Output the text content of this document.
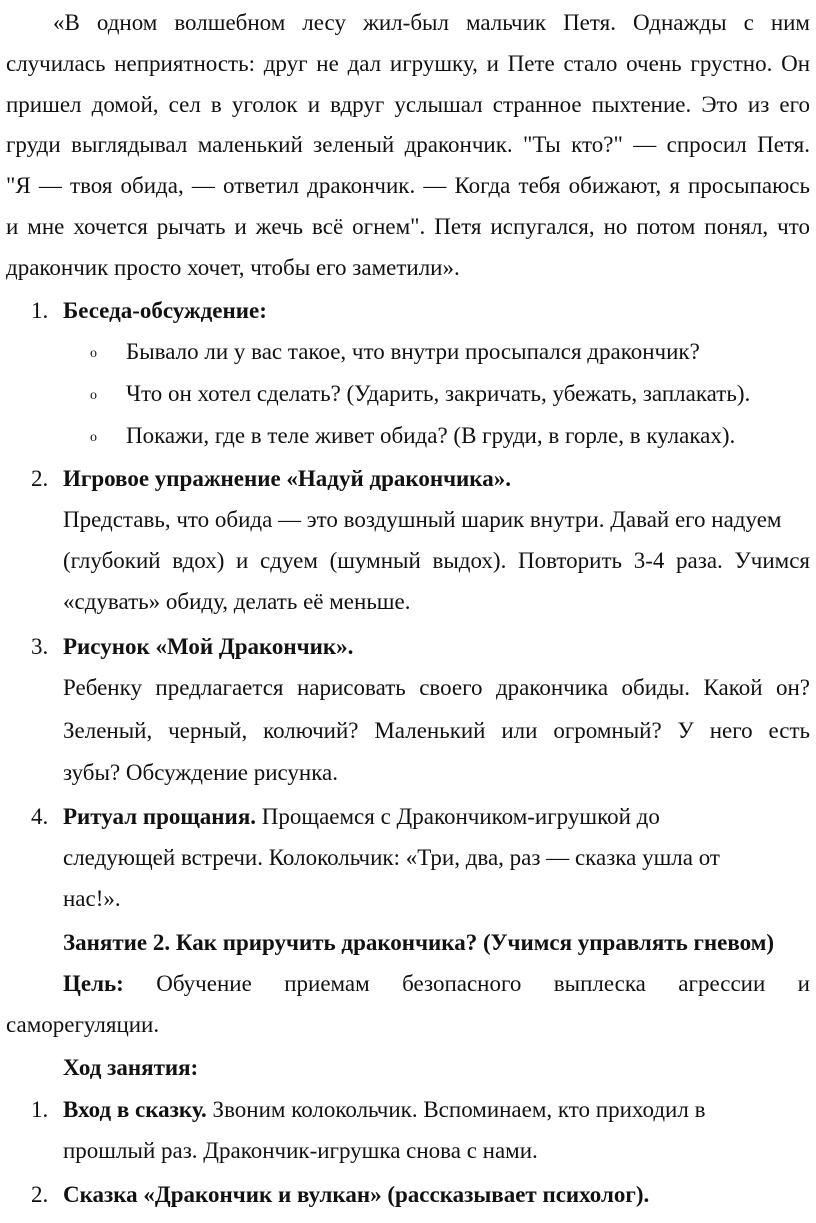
«В одном волшебном лесу жил-был мальчик Петя. Однажды с ним
случилась неприятность: друг не дал игрушку, и Пете стало очень грустно. Он
пришел домой, сел в уголок и вдруг услышал странное пыхтение. Это из его
груди выглядывал маленький зеленый дракончик. "Ты кто?" — спросил Петя.
"Я — твоя обида, — ответил дракончик. — Когда тебя обижают, я просыпаюсь
и мне хочется рычать и жечь всё огнем". Петя испугался, но потом понял, что
дракончик просто хочет, чтобы его заметили».
1. Беседа-обсуждение:
o Бывало ли у вас такое, что внутри просыпался дракончик?
o Что он хотел сделать? (Ударить, закричать, убежать, заплакать).
o Покажи, где в теле живет обида? (В груди, в горле, в кулаках).
2. Игровое упражнение «Надуй дракончика».
Представь, что обида — это воздушный шарик внутри. Давай его надуем
(глубокий вдох) и сдуем (шумный выдох). Повторить 3-4 раза. Учимся
«сдувать» обиду, делать её меньше.
3. Рисунок «Мой Дракончик».
Ребенку предлагается нарисовать своего дракончика обиды. Какой он?
Зеленый, черный, колючий? Маленький или огромный? У него есть
зубы? Обсуждение рисунка.
4. Ритуал прощания. Прощаемся с Дракончиком-игрушкой до
следующей встречи. Колокольчик: «Три, два, раз — сказка ушла от
нас!».
Занятие 2. Как приручить дракончика? (Учимся управлять гневом)
Цель: Обучение приемам безопасного выплеска агрессии и
саморегуляции.
Ход занятия:
1. Вход в сказку. Звоним колокольчик. Вспоминаем, кто приходил в
прошлый раз. Дракончик-игрушка снова с нами.
2. Сказка «Дракончик и вулкан» (рассказывает психолог).
